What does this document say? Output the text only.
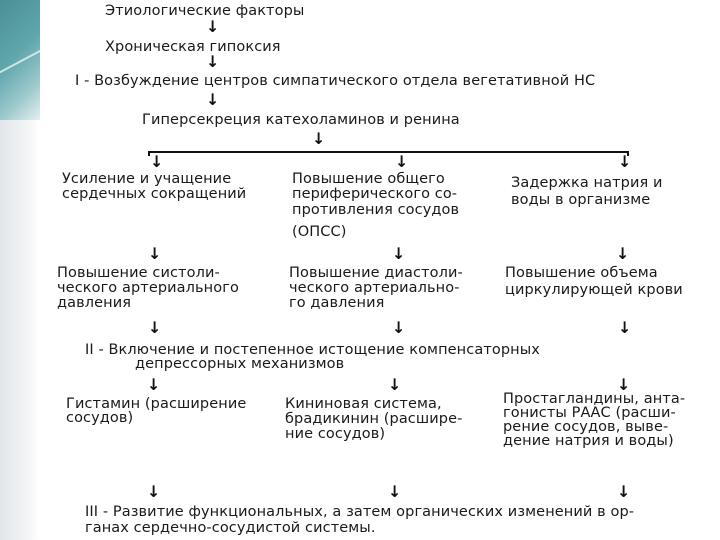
Этиологические факторы
↓
Хроническая гипоксия
↓
I - Возбуждение центров симпатического отдела вегетативной НС
↓
Гиперсекреция катехоламинов и ренина
↓
↓	↓	↓
Усиление и учащение
сердечных сокращений
Повышение общего
периферического со-
противления сосудов
(ОПСС)
Задержка натрия и
воды в организме
↓	↓	↓
Повышение систоли-
ческого артериального
давления
Повышение диастоли-
ческого артериально-
го давления
Повышение объема
циркулирующей крови
↓	↓	↓
II - Включение и постепенное истощение компенсаторных
депрессорных механизмов
↓	↓	↓
Гистамин (расширение
сосудов)
Кининовая система,
брадикинин (расшире-
ние сосудов)
Простагландины, анта-
гонисты РААС (расши-
рение сосудов, выве-
дение натрия и воды)
↓	↓	↓
III - Развитие функциональных, а затем органических изменений в ор-
ганах сердечно-сосудистой системы.
